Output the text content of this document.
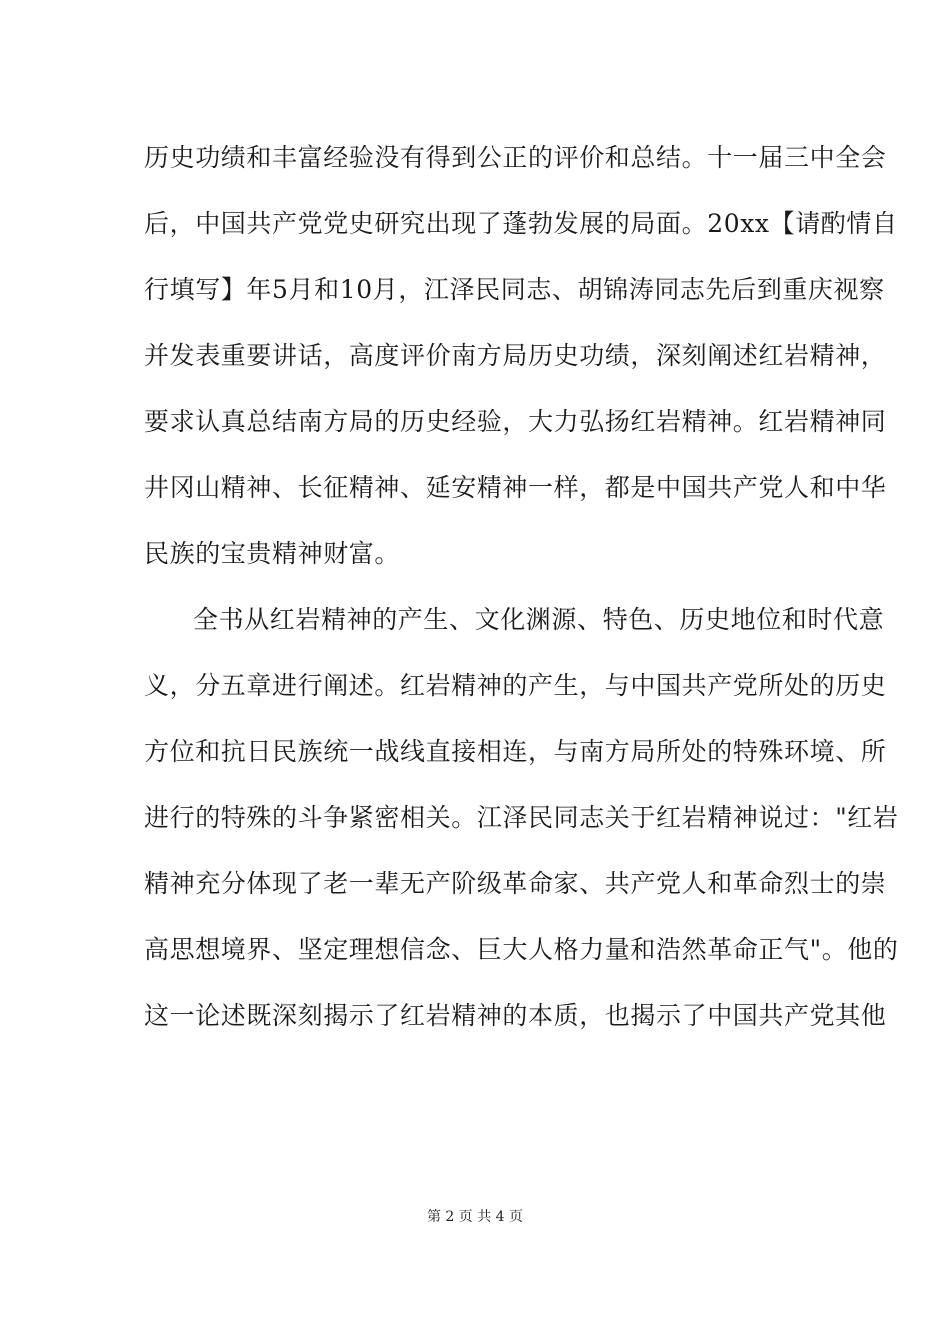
历史功绩和丰富经验没有得到公正的评价和总结。十一届三中全会
后，中国共产党党史研究出现了蓬勃发展的局面。20xx【请酌情自
行填写】年5月和10月，江泽民同志、胡锦涛同志先后到重庆视察
并发表重要讲话，高度评价南方局历史功绩，深刻阐述红岩精神，
要求认真总结南方局的历史经验，大力弘扬红岩精神。红岩精神同
井冈山精神、长征精神、延安精神一样，都是中国共产党人和中华
民族的宝贵精神财富。
全书从红岩精神的产生、文化渊源、特色、历史地位和时代意
义，分五章进行阐述。红岩精神的产生，与中国共产党所处的历史
方位和抗日民族统一战线直接相连，与南方局所处的特殊环境、所
进行的特殊的斗争紧密相关。江泽民同志关于红岩精神说过："红岩
精神充分体现了老一辈无产阶级革命家、共产党人和革命烈士的崇
高思想境界、坚定理想信念、巨大人格力量和浩然革命正气"。他的
这一论述既深刻揭示了红岩精神的本质，也揭示了中国共产党其他
第 2 页 共 4 页
